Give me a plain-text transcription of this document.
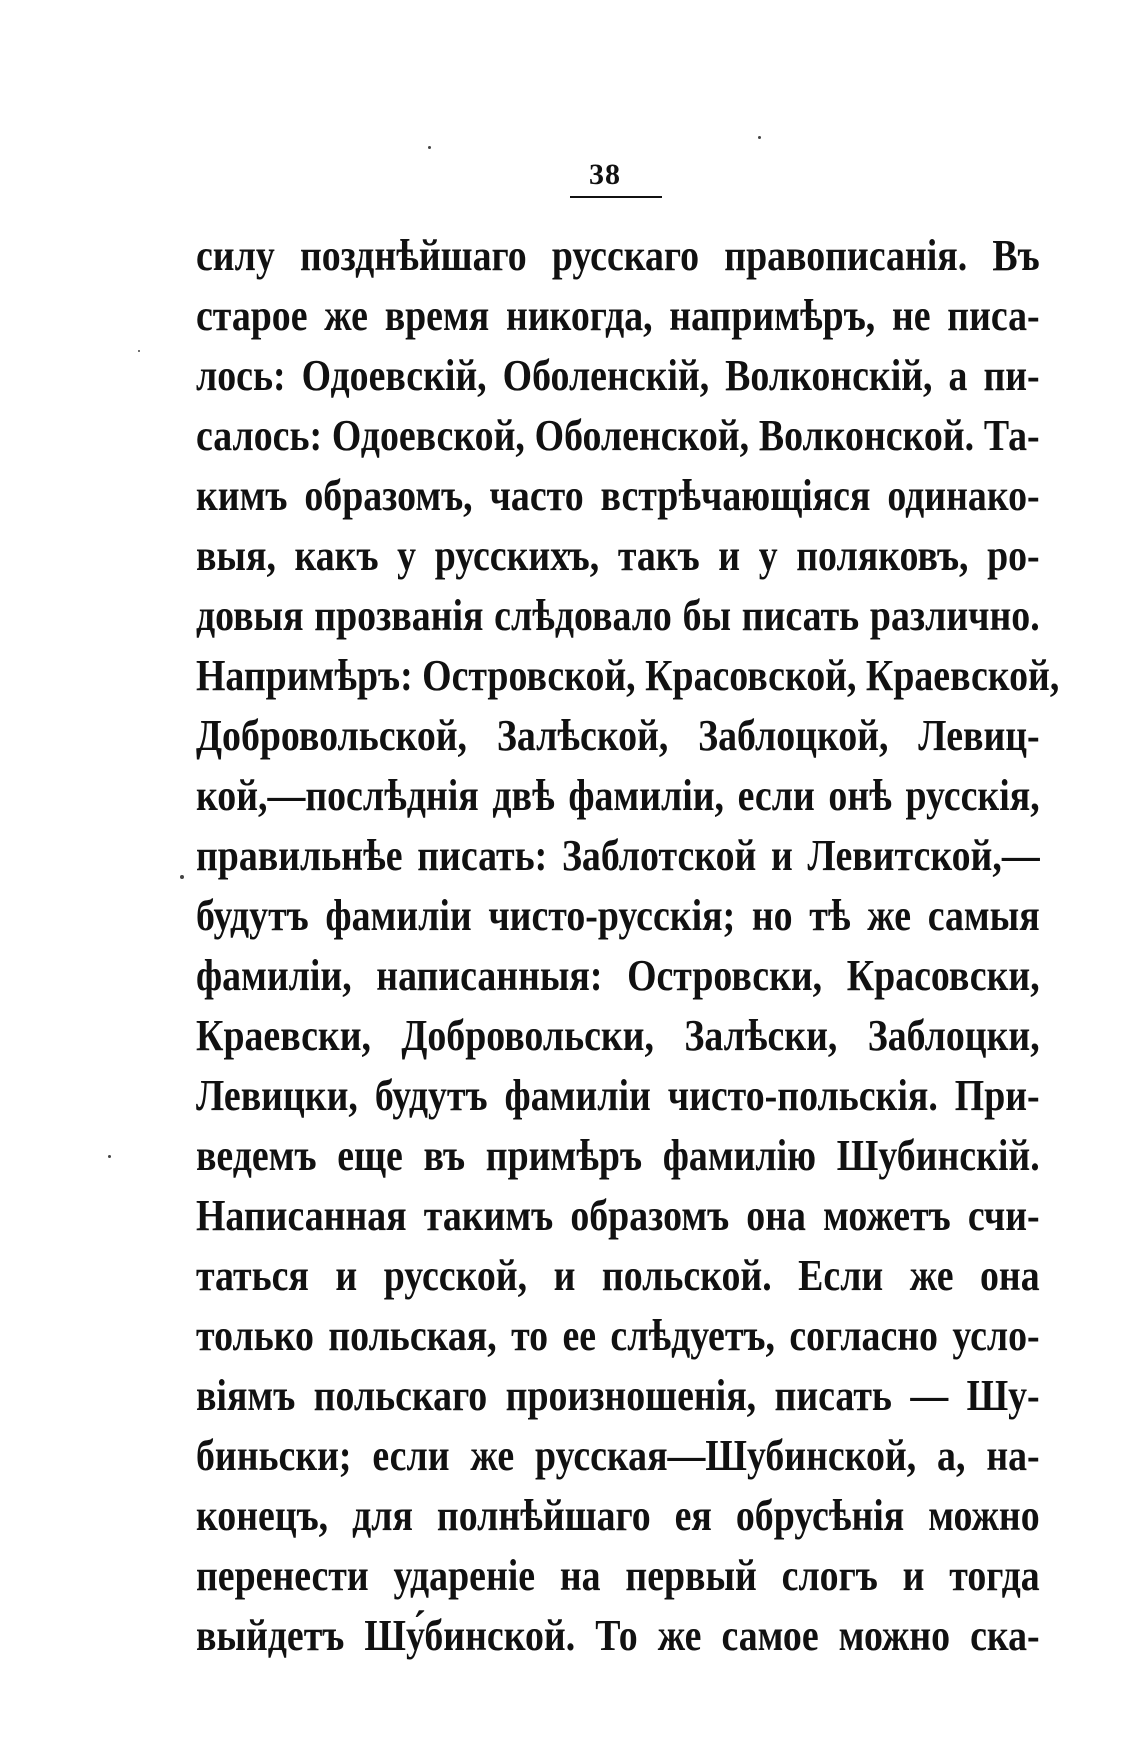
38
силу позднѣйшаго русскаго правописанія. Въ
старое же время никогда, напримѣръ, не писа-
лось: Одоевскій, Оболенскій, Волконскій, а пи-
салось: Одоевской, Оболенской, Волконской. Та-
кимъ образомъ, часто встрѣчающіяся одинако-
выя, какъ у русскихъ, такъ и у поляковъ, ро-
довыя прозванія слѣдовало бы писать различно.
Напримѣръ: Островской, Красовской, Краевской,
Добровольской, Залѣской, Заблоцкой, Левиц-
кой,—послѣднія двѣ фамиліи, если онѣ русскія,
правильнѣе писать: Заблотской и Левитской,—
будутъ фамиліи чисто-русскія; но тѣ же самыя
фамиліи, написанныя: Островски, Красовски,
Краевски, Добровольски, Залѣски, Заблоцки,
Левицки, будутъ фамиліи чисто-польскія. При-
ведемъ еще въ примѣръ фамилію Шубинскій.
Написанная такимъ образомъ она можетъ счи-
таться и русской, и польской. Если же она
только польская, то ее слѣдуетъ, согласно усло-
віямъ польскаго произношенія, писать — Шу-
биньски; если же русская—Шубинской, а, на-
конецъ, для полнѣйшаго ея обрусѣнія можно
перенести удареніе на первый слогъ и тогда
выйдетъ Шу́бинской. То же самое можно ска-
